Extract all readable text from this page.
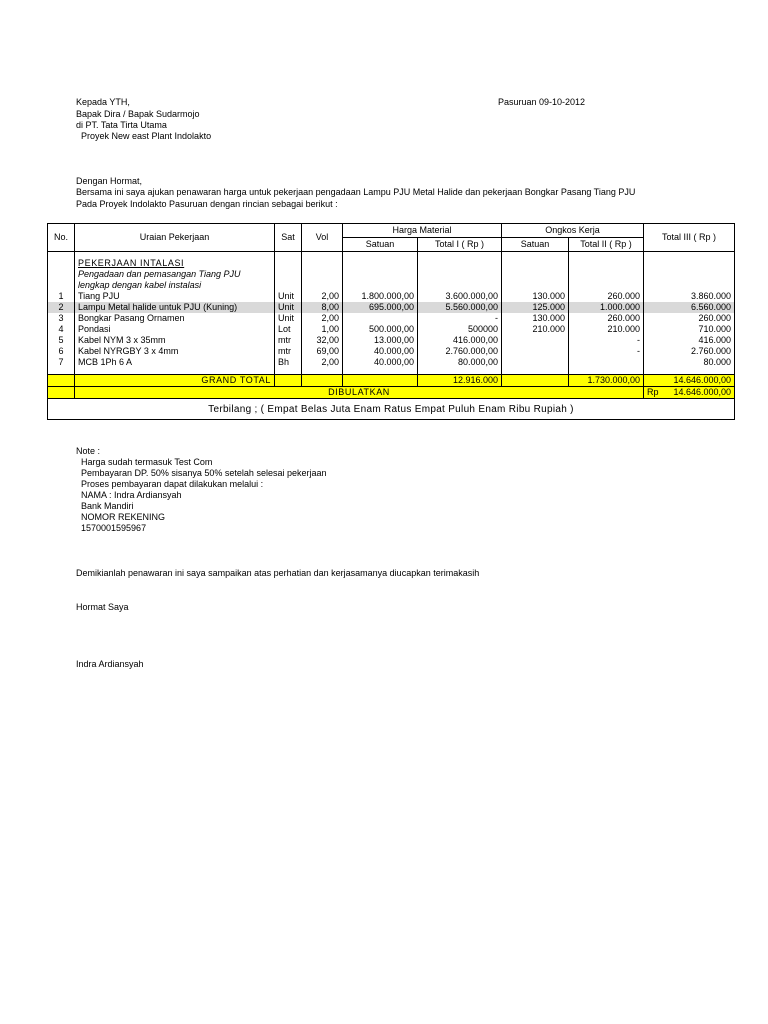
Kepada YTH,
Bapak Dira / Bapak Sudarmojo
di PT. Tata Tirta Utama
Proyek New east Plant Indolakto
Pasuruan 09-10-2012
Dengan Hormat,
Bersama ini saya ajukan penawaran harga untuk pekerjaan pengadaan Lampu PJU Metal Halide dan pekerjaan Bongkar Pasang Tiang PJU
Pada Proyek Indolakto Pasuruan dengan rincian sebagai berikut :
No.	Uraian Pekerjaan	Sat	Vol	Harga Material		Ongkos Kerja		Total III ( Rp )
				Satuan	Total I ( Rp )	Satuan	Total II ( Rp )	

	PEKERJAAN INTALASI							
	Pengadaan dan pemasangan Tiang PJU							
	lengkap dengan kabel instalasi							
1	Tiang PJU	Unit	2,00	1.800.000,00	3.600.000,00	130.000	260.000	3.860.000
2	Lampu Metal halide untuk PJU (Kuning)	Unit	8,00	695.000,00	5.560.000,00	125.000	1.000.000	6.560.000
3	Bongkar Pasang Ornamen	Unit	2,00		-	130.000	260.000	260.000
4	Pondasi	Lot	1,00	500.000,00	500000	210.000	210.000	710.000
5	Kabel NYM 3 x 35mm	mtr	32,00	13.000,00	416.000,00		-	416.000
6	Kabel NYRGBY 3 x 4mm	mtr	69,00	40.000,00	2.760.000,00		-	2.760.000
7	MCB 1Ph 6 A	Bh	2,00	40.000,00	80.000,00			80.000

	GRAND TOTAL				12.916.000		1.730.000,00	14.646.000,00
	DIBULATKAN							Rp 14.646.000,00

Terbilang ; ( Empat Belas Juta Enam Ratus Empat Puluh Enam Ribu Rupiah )								
Note :
Harga sudah termasuk Test Com
Pembayaran DP. 50% sisanya 50% setelah selesai pekerjaan
Proses pembayaran dapat dilakukan melalui :
NAMA : Indra Ardiansyah
Bank Mandiri
NOMOR REKENING
1570001595967
Demikianlah penawaran ini saya sampaikan atas perhatian dan kerjasamanya diucapkan terimakasih
Hormat Saya
Indra Ardiansyah
